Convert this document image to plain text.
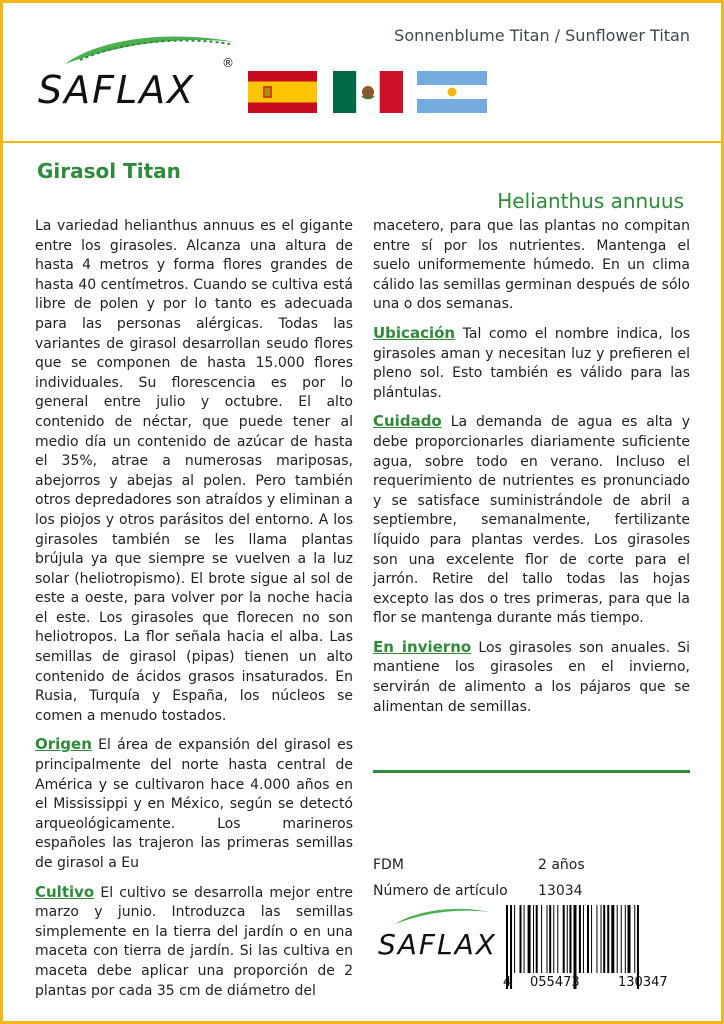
SAFLAX
®
Sonnenblume Titan / Sunflower Titan
Girasol Titan
Helianthus annuus

La variedad helianthus annuus es el gigante entre los girasoles. Alcanza una altura de hasta 4 metros y forma flores grandes de hasta 40 centímetros. Cuando se cultiva está libre de polen y por lo tanto es adecuada para las personas alérgicas. Todas las variantes de girasol desarrollan seudo flores que se componen de hasta 15.000 flores individuales. Su florescencia es por lo general entre julio y octubre. El alto contenido de néctar, que puede tener al medio día un contenido de azúcar de hasta el 35%, atrae a numerosas mariposas, abejorros y abejas al polen. Pero también otros depredadores son atraídos y eliminan a los piojos y otros parásitos del entorno. A los girasoles también se les llama plantas brújula ya que siempre se vuelven a la luz solar (heliotropismo). El brote sigue al sol de este a oeste, para volver por la noche hacia el este. Los girasoles que florecen no son heliotropos. La flor señala hacia el alba. Las semillas de girasol (pipas) tienen un alto contenido de ácidos grasos insaturados. En Rusia, Turquía y España, los núcleos se comen a menudo tostados.

Origen El área de expansión del girasol es principalmente del norte hasta central de América y se cultivaron hace 4.000 años en el Mississippi y en México, según se detectó arqueológicamente. Los marineros españoles las trajeron las primeras semillas de girasol a Eu

Cultivo El cultivo se desarrolla mejor entre marzo y junio. Introduzca las semillas simplemente en la tierra del jardín o en una maceta con tierra de jardín. Si las cultiva en maceta debe aplicar una proporción de 2 plantas por cada 35 cm de diámetro del

macetero, para que las plantas no compitan entre sí por los nutrientes. Mantenga el suelo uniformemente húmedo. En un clima cálido las semillas germinan después de sólo una o dos semanas.

Ubicación Tal como el nombre indica, los girasoles aman y necesitan luz y prefieren el pleno sol. Esto también es válido para las plántulas.

Cuidado La demanda de agua es alta y debe proporcionarles diariamente suficiente agua, sobre todo en verano. Incluso el requerimiento de nutrientes es pronunciado y se satisface suministrándole de abril a septiembre, semanalmente, fertilizante líquido para plantas verdes. Los girasoles son una excelente flor de corte para el jarrón. Retire del tallo todas las hojas excepto las dos o tres primeras, para que la flor se mantenga durante más tiempo.

En invierno Los girasoles son anuales. Si mantiene los girasoles en el invierno, servirán de alimento a los pájaros que se alimentan de semillas.

FDM	2 años
Número de artículo 13034
SAFLAX
4 055473	130347
